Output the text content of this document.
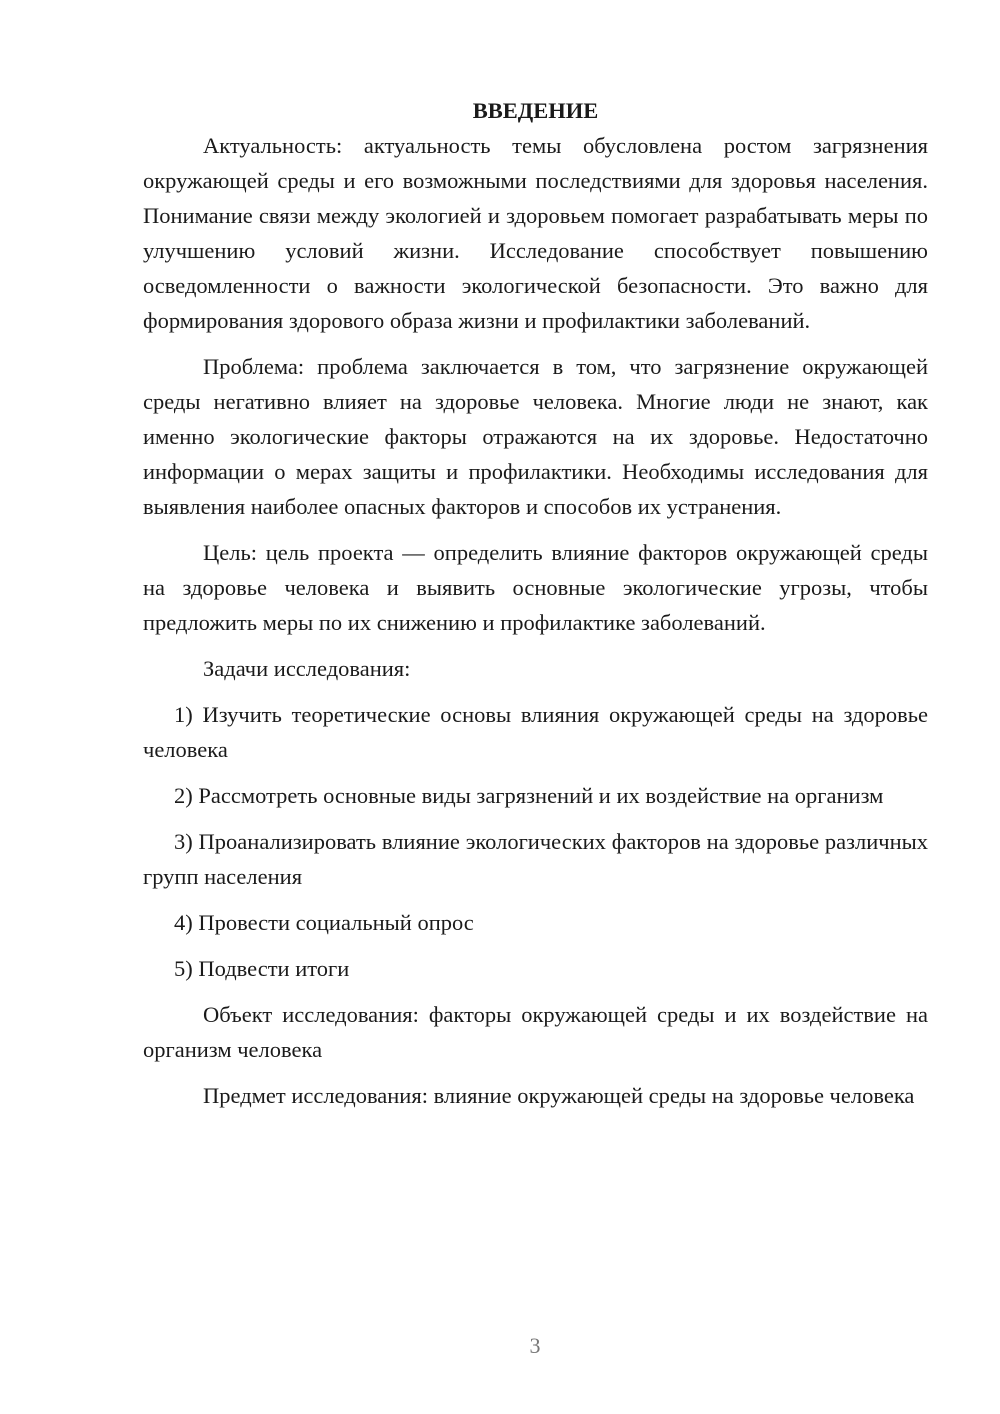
ВВЕДЕНИЕ

Актуальность: актуальность темы обусловлена ростом загрязнения окружающей среды и его возможными последствиями для здоровья населения. Понимание связи между экологией и здоровьем помогает разрабатывать меры по улучшению условий жизни. Исследование способствует повышению осведомленности о важности экологической безопасности. Это важно для формирования здорового образа жизни и профилактики заболеваний.

Проблема: проблема заключается в том, что загрязнение окружающей среды негативно влияет на здоровье человека. Многие люди не знают, как именно экологические факторы отражаются на их здоровье. Недостаточно информации о мерах защиты и профилактики. Необходимы исследования для выявления наиболее опасных факторов и способов их устранения.

Цель: цель проекта — определить влияние факторов окружающей среды на здоровье человека и выявить основные экологические угрозы, чтобы предложить меры по их снижению и профилактике заболеваний.

Задачи исследования:

1) Изучить теоретические основы влияния окружающей среды на здоровье человека

2) Рассмотреть основные виды загрязнений и их воздействие на организм

3) Проанализировать влияние экологических факторов на здоровье различных групп населения

4) Провести социальный опрос

5) Подвести итоги

Объект исследования: факторы окружающей среды и их воздействие на организм человека

Предмет исследования: влияние окружающей среды на здоровье человека

3
